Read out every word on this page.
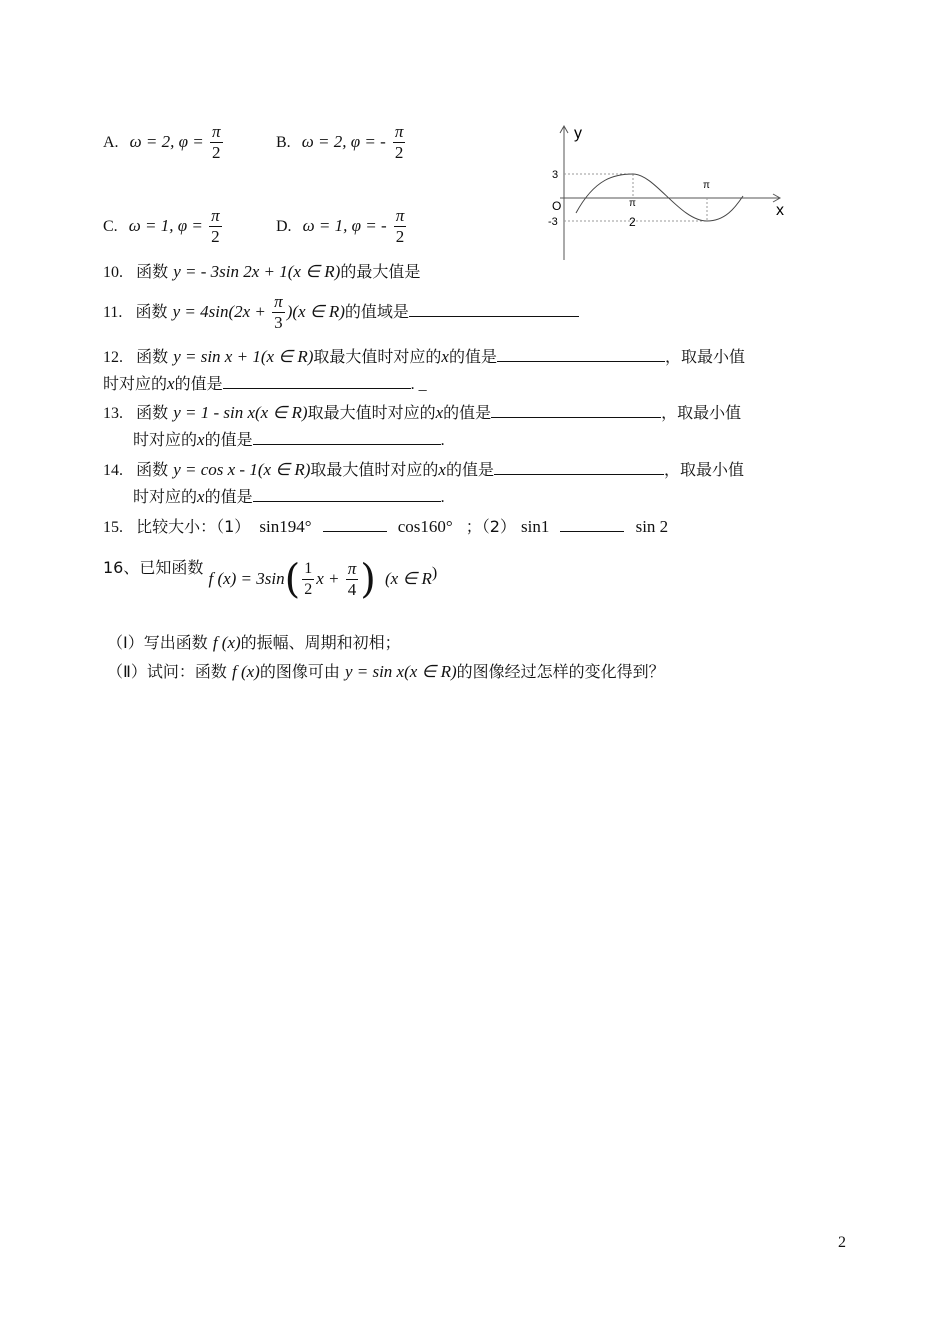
A. ω = 2, $\varphi = \frac{\pi}{2}$	B. ω = 2, φ = - $\frac{\pi}{2}$
C. ω = 1, $\varphi = \frac{\pi}{2}$	D. ω = 1, φ = - $\frac{\pi}{2}$
y
x
O
3
-3
π
2
π
10. 函数 y = - 3sin 2x + 1(x ∈ R)的最大值是
11. 函数 $y = 4\sin(2x + \frac{\pi}{3} )(x$ ∈ R)的值域是
12. 函数 y = sin x + 1(x ∈ R)取最大值时对应的x的值是	，取最小值
时对应的x的值是	. _
13. 函数 y = 1 - sin x(x ∈ R)取最大值时对应的x的值是	，取最小值
时对应的x的值是	.
14. 函数 y = cos x - 1(x ∈ R)取最大值时对应的x的值是	，取最小值
时对应的x的值是	.
15. 比较大小：（1） sin194°	cos160° ；（2） sin1	sin 2
16、已知函数 f $(x) = 3\sin( \frac{1}{2}$ $x + \frac{\pi}{4}$ ) (x ∈ R)
（Ⅰ）写出函数 f (x)的振幅、周期和初相；
（Ⅱ）试问：函数 f (x)的图像可由 y = sin x(x ∈ R)的图像经过怎样的变化得到？
2
